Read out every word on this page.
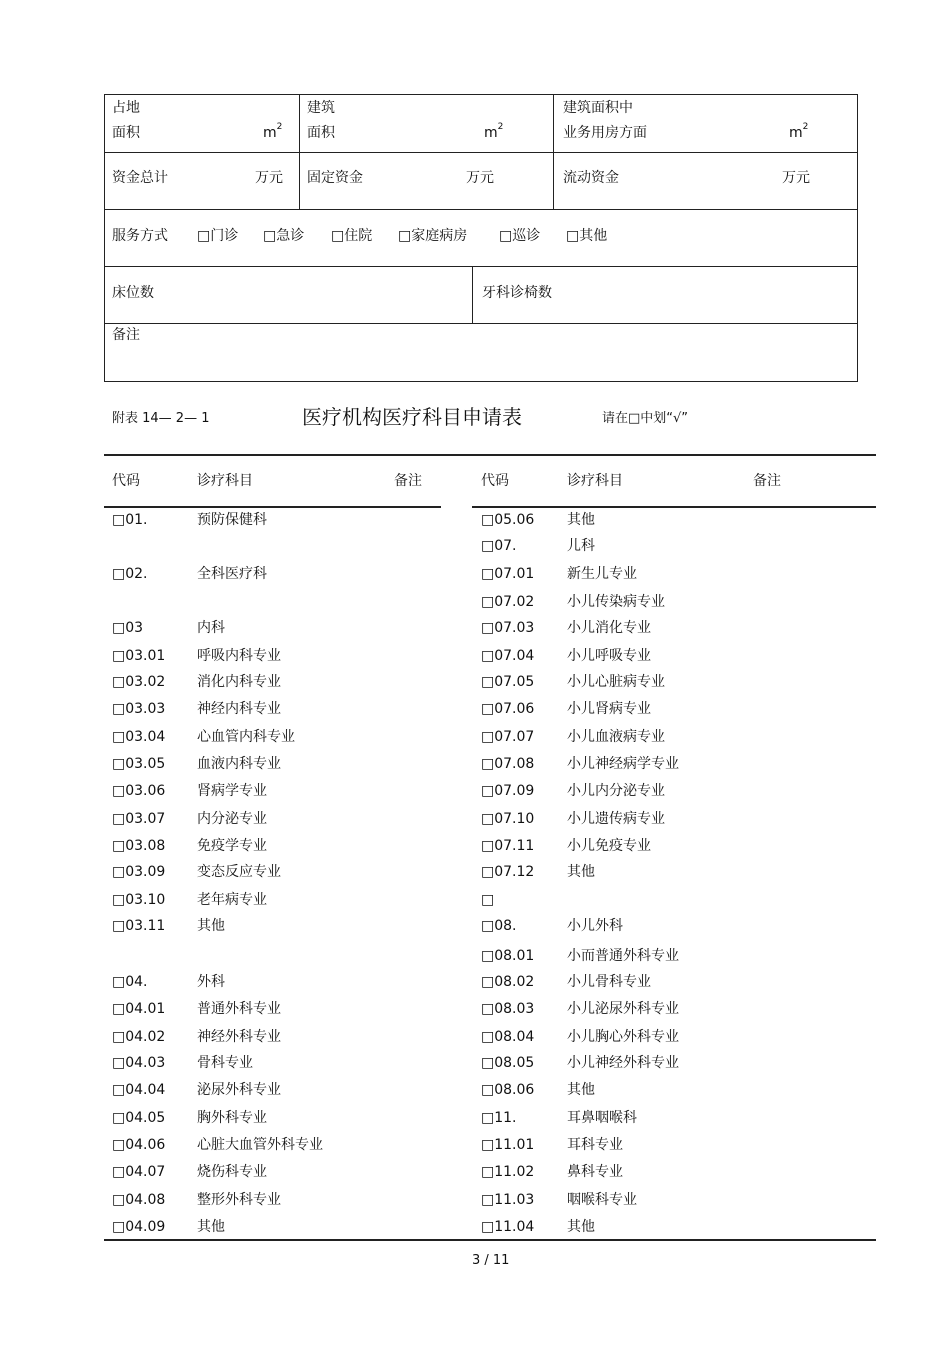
占地
面积	$m^2$
建筑
面积	$m^2$
建筑面积中
业务用房方面	$m^2$
资金总计	万元 固定资金	万元	流动资金	万元
服务方式 □门诊 □急诊 □住院 □家庭病房 □巡诊 □其他
床位数	牙科诊椅数
备注
附表 14— 2— 1	医疗机构医疗科目申请表	请在□中划“√”
代码	诊疗科目	备注	代码	诊疗科目	备注
□01.	预防保健科
□02.	全科医疗科
□03	内科
□03.01 呼吸内科专业
□03.02 消化内科专业
□03.03 神经内科专业
□03.04 心血管内科专业
□03.05 血液内科专业
□03.06 肾病学专业
□03.07 内分泌专业
□03.08 免疫学专业
□03.09 变态反应专业
□03.10 老年病专业
□03.11 其他
□04.	外科
□04.01 普通外科专业
□04.02 神经外科专业
□04.03 骨科专业
□04.04 泌尿外科专业
□04.05 胸外科专业
□04.06 心脏大血管外科专业
□04.07 烧伤科专业
□04.08 整形外科专业
□04.09 其他
□05.06 其他
□07.	儿科
□07.01 新生儿专业
□07.02 小儿传染病专业
□07.03 小儿消化专业
□07.04 小儿呼吸专业
□07.05 小儿心脏病专业
□07.06 小儿肾病专业
□07.07 小儿血液病专业
□07.08 小儿神经病学专业
□07.09 小儿内分泌专业
□07.10 小儿遗传病专业
□07.11 小儿免疫专业
□07.12 其他
□
□08.	小儿外科
□08.01 小而普通外科专业
□08.02 小儿骨科专业
□08.03 小儿泌尿外科专业
□08.04 小儿胸心外科专业
□08.05 小儿神经外科专业
□08.06 其他
□11.	耳鼻咽喉科
□11.01 耳科专业
□11.02 鼻科专业
□11.03 咽喉科专业
□11.04 其他
3 / 11
